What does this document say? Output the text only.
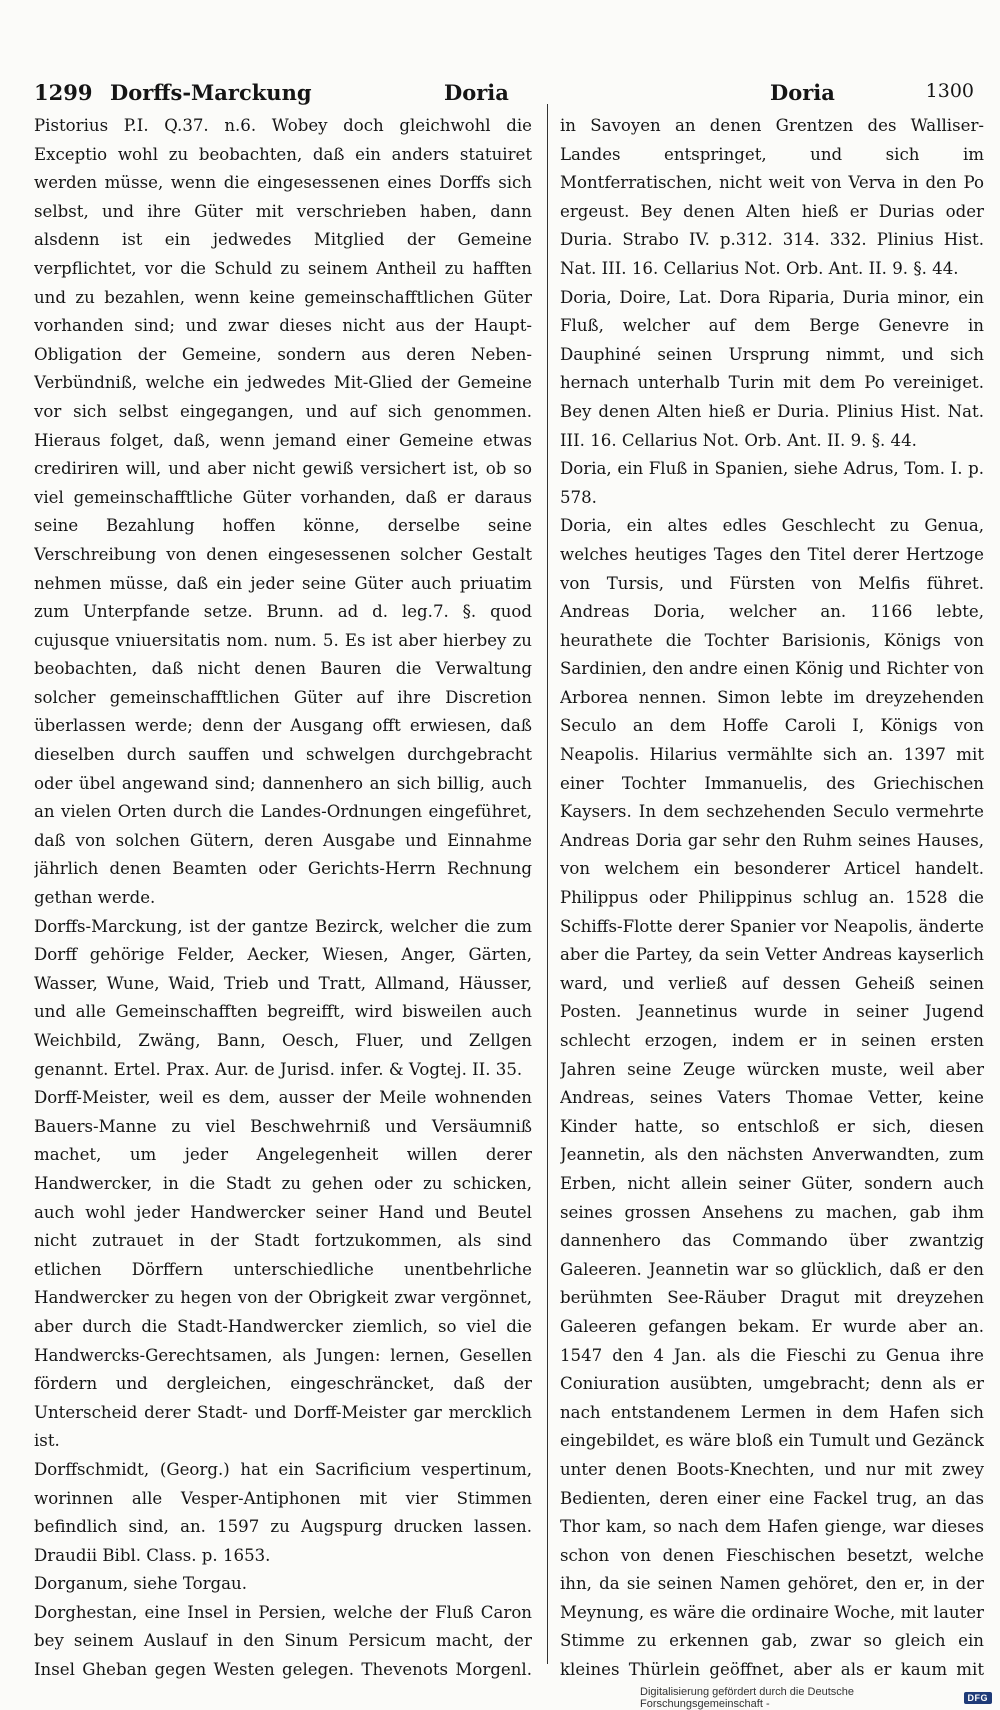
1299 Dorffs-Marckung	Doria	Doria	1300

Pistorius P.I. Q.37. n.6. Wobey doch gleichwohl die Exceptio wohl zu beobachten, daß ein anders statuiret werden müsse, wenn die eingesessenen eines Dorffs sich selbst, und ihre Güter mit verschrieben haben, dann alsdenn ist ein jedwedes Mitglied der Gemeine verpflichtet, vor die Schuld zu seinem Antheil zu hafften und zu bezahlen, wenn keine gemeinschafftlichen Güter vorhanden sind; und zwar dieses nicht aus der Haupt-Obligation der Gemeine, sondern aus deren Neben-Verbündniß, welche ein jedwedes Mit-Glied der Gemeine vor sich selbst eingegangen, und auf sich genommen. Hieraus folget, daß, wenn jemand einer Gemeine etwas crediriren will, und aber nicht gewiß versichert ist, ob so viel gemeinschafftliche Güter vorhanden, daß er daraus seine Bezahlung hoffen könne, derselbe seine Verschreibung von denen eingesessenen solcher Gestalt nehmen müsse, daß ein jeder seine Güter auch priuatim zum Unterpfande setze. Brunn. ad d. leg.7. §. quod cujusque vniuersitatis nom. num. 5. Es ist aber hierbey zu beobachten, daß nicht denen Bauren die Verwaltung solcher gemeinschafftlichen Güter auf ihre Discretion überlassen werde; denn der Ausgang offt erwiesen, daß dieselben durch sauffen und schwelgen durchgebracht oder übel angewand sind; dannenhero an sich billig, auch an vielen Orten durch die Landes-Ordnungen eingeführet, daß von solchen Gütern, deren Ausgabe und Einnahme jährlich denen Beamten oder Gerichts-Herrn Rechnung gethan werde.

Dorffs-Marckung, ist der gantze Bezirck, welcher die zum Dorff gehörige Felder, Aecker, Wiesen, Anger, Gärten, Wasser, Wune, Waid, Trieb und Tratt, Allmand, Häusser, und alle Gemeinschafften begreifft, wird bisweilen auch Weichbild, Zwäng, Bann, Oesch, Fluer, und Zellgen genannt. Ertel. Prax. Aur. de Jurisd. infer. & Vogtej. II. 35.

Dorff-Meister, weil es dem, ausser der Meile wohnenden Bauers-Manne zu viel Beschwehrniß und Versäumniß machet, um jeder Angelegenheit willen derer Handwercker, in die Stadt zu gehen oder zu schicken, auch wohl jeder Handwercker seiner Hand und Beutel nicht zutrauet in der Stadt fortzukommen, als sind etlichen Dörffern unterschiedliche unentbehrliche Handwercker zu hegen von der Obrigkeit zwar vergönnet, aber durch die Stadt-Handwercker ziemlich, so viel die Handwercks-Gerechtsamen, als Jungen: lernen, Gesellen fördern und dergleichen, eingeschräncket, daß der Unterscheid derer Stadt- und Dorff-Meister gar mercklich ist.

Dorffschmidt, (Georg.) hat ein Sacrificium vespertinum, worinnen alle Vesper-Antiphonen mit vier Stimmen befindlich sind, an. 1597 zu Augspurg drucken lassen. Draudii Bibl. Class. p. 1653.

Dorganum, siehe Torgau.

Dorghestan, eine Insel in Persien, welche der Fluß Caron bey seinem Auslauf in den Sinum Persicum macht, der Insel Gheban gegen Westen gelegen. Thevenots Morgenl.

in Savoyen an denen Grentzen des Walliser-Landes entspringet, und sich im Montferratischen, nicht weit von Verva in den Po ergeust. Bey denen Alten hieß er Durias oder Duria. Strabo IV. p.312. 314. 332. Plinius Hist. Nat. III. 16. Cellarius Not. Orb. Ant. II. 9. §. 44.

Doria, Doire, Lat. Dora Riparia, Duria minor, ein Fluß, welcher auf dem Berge Genevre in Dauphiné seinen Ursprung nimmt, und sich hernach unterhalb Turin mit dem Po vereiniget. Bey denen Alten hieß er Duria. Plinius Hist. Nat. III. 16. Cellarius Not. Orb. Ant. II. 9. §. 44.

Doria, ein Fluß in Spanien, siehe Adrus, Tom. I. p. 578.

Doria, ein altes edles Geschlecht zu Genua, welches heutiges Tages den Titel derer Hertzoge von Tursis, und Fürsten von Melfis führet. Andreas Doria, welcher an. 1166 lebte, heurathete die Tochter Barisionis, Königs von Sardinien, den andre einen König und Richter von Arborea nennen. Simon lebte im dreyzehenden Seculo an dem Hoffe Caroli I, Königs von Neapolis. Hilarius vermählte sich an. 1397 mit einer Tochter Immanuelis, des Griechischen Kaysers. In dem sechzehenden Seculo vermehrte Andreas Doria gar sehr den Ruhm seines Hauses, von welchem ein besonderer Articel handelt. Philippus oder Philippinus schlug an. 1528 die Schiffs-Flotte derer Spanier vor Neapolis, änderte aber die Partey, da sein Vetter Andreas kayserlich ward, und verließ auf dessen Geheiß seinen Posten. Jeannetinus wurde in seiner Jugend schlecht erzogen, indem er in seinen ersten Jahren seine Zeuge würcken muste, weil aber Andreas, seines Vaters Thomae Vetter, keine Kinder hatte, so entschloß er sich, diesen Jeannetin, als den nächsten Anverwandten, zum Erben, nicht allein seiner Güter, sondern auch seines grossen Ansehens zu machen, gab ihm dannenhero das Commando über zwantzig Galeeren. Jeannetin war so glücklich, daß er den berühmten See-Räuber Dragut mit dreyzehen Galeeren gefangen bekam. Er wurde aber an. 1547 den 4 Jan. als die Fieschi zu Genua ihre Coniuration ausübten, umgebracht; denn als er nach entstandenem Lermen in dem Hafen sich eingebildet, es wäre bloß ein Tumult und Gezänck unter denen Boots-Knechten, und nur mit zwey Bedienten, deren einer eine Fackel trug, an das Thor kam, so nach dem Hafen gienge, war dieses schon von denen Fieschischen besetzt, welche ihn, da sie seinen Namen gehöret, den er, in der Meynung, es wäre die ordinaire Woche, mit lauter Stimme zu erkennen gab, zwar so gleich ein kleines Thürlein geöffnet, aber als er kaum mit

Digitalisierung gefördert durch die Deutsche Forschungsgemeinschaft -	DFG
